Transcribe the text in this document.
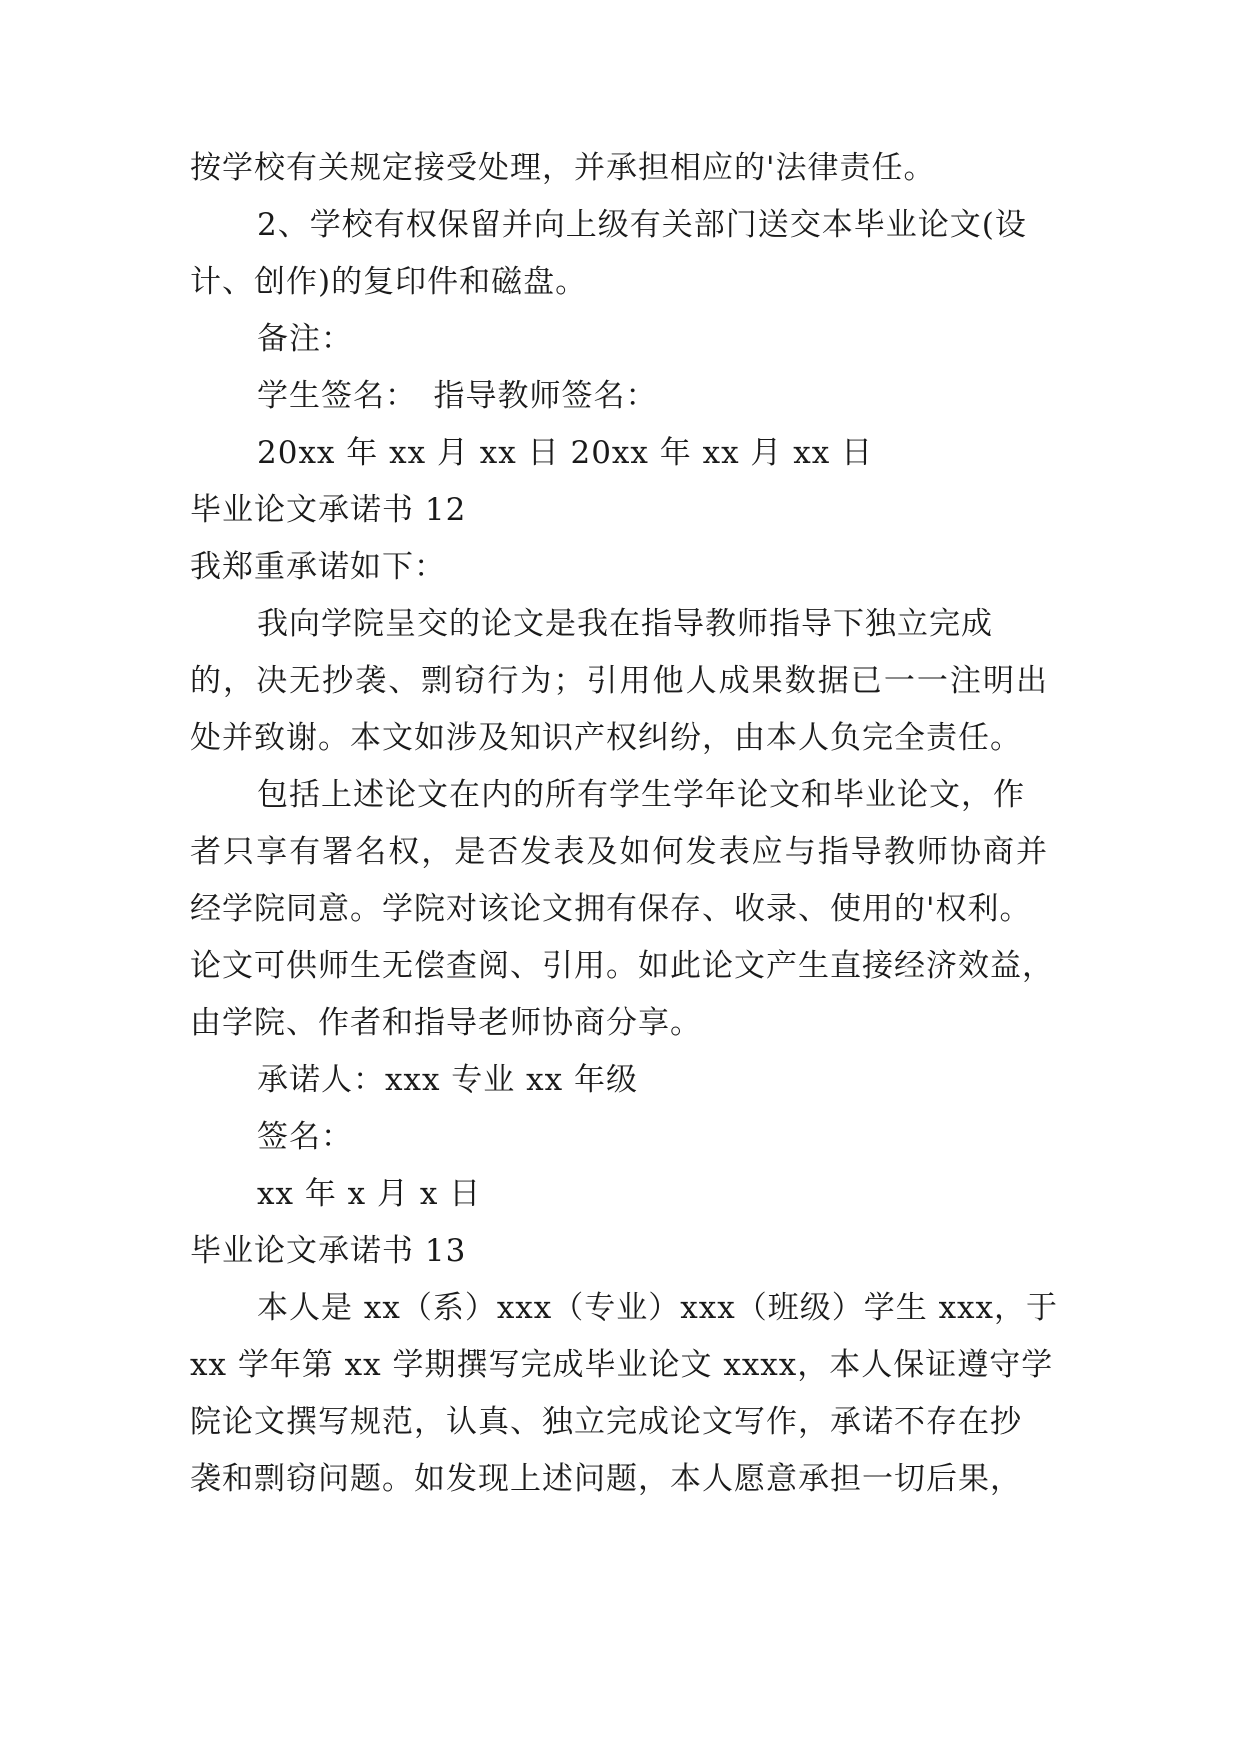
按学校有关规定接受处理，并承担相应的'法律责任。
2、学校有权保留并向上级有关部门送交本毕业论文(设
计、创作)的复印件和磁盘。
备注：
学生签名：　指导教师签名：
20xx 年 xx 月 xx 日 20xx 年 xx 月 xx 日
毕业论文承诺书 12
我郑重承诺如下：
我向学院呈交的论文是我在指导教师指导下独立完成
的，决无抄袭、剽窃行为；引用他人成果数据已一一注明出
处并致谢。本文如涉及知识产权纠纷，由本人负完全责任。
包括上述论文在内的所有学生学年论文和毕业论文，作
者只享有署名权，是否发表及如何发表应与指导教师协商并
经学院同意。学院对该论文拥有保存、收录、使用的'权利。
论文可供师生无偿查阅、引用。如此论文产生直接经济效益，
由学院、作者和指导老师协商分享。
承诺人：xxx 专业 xx 年级
签名：
xx 年 x 月 x 日
毕业论文承诺书 13
本人是 xx（系）xxx（专业）xxx（班级）学生 xxx，于
xx 学年第 xx 学期撰写完成毕业论文 xxxx，本人保证遵守学
院论文撰写规范，认真、独立完成论文写作，承诺不存在抄
袭和剽窃问题。如发现上述问题，本人愿意承担一切后果，
